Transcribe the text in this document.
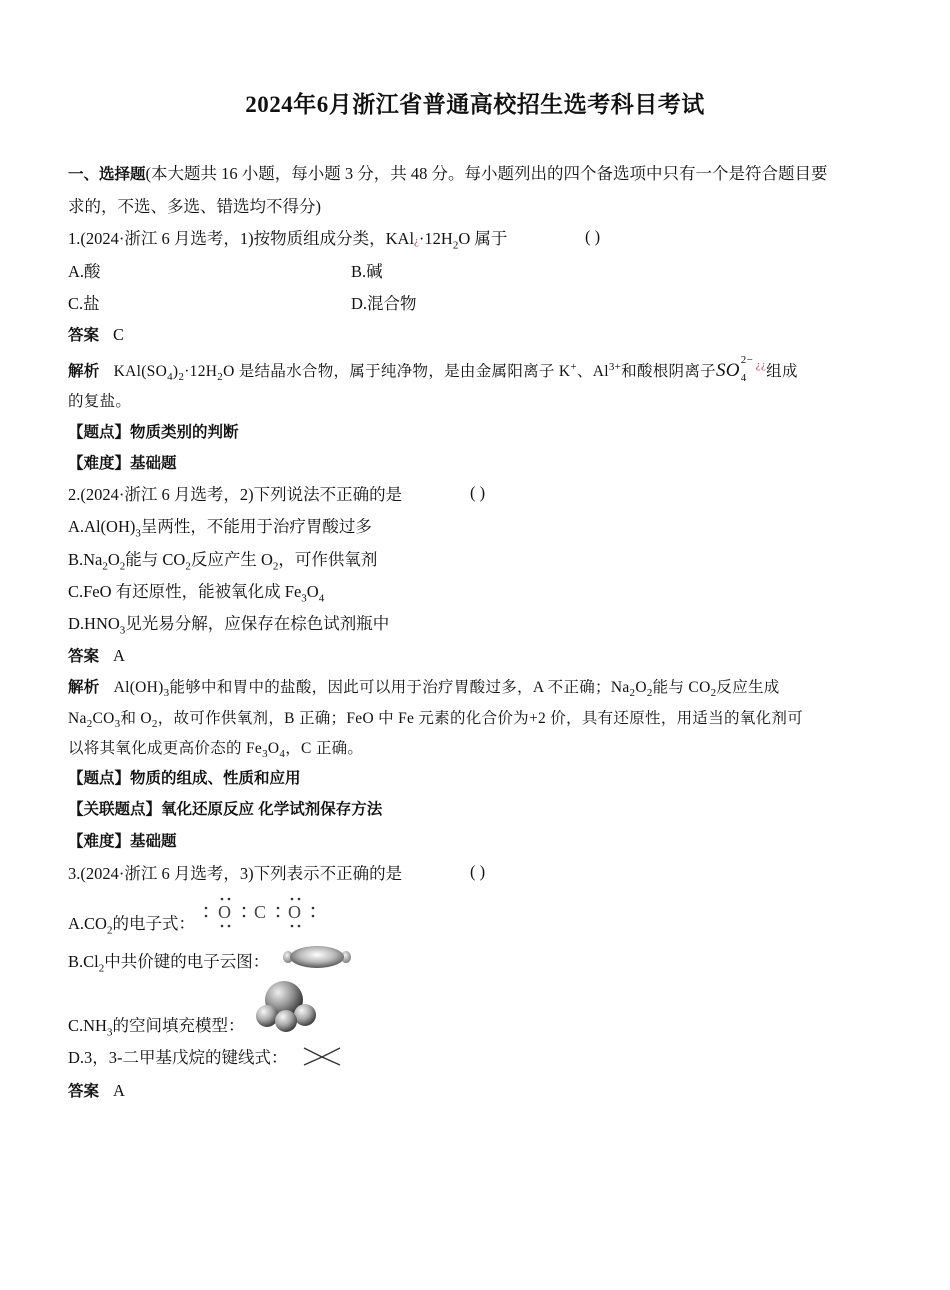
2024年6月浙江省普通高校招生选考科目考试
一、选择题(本大题共 16 小题，每小题 3 分，共 48 分。每小题列出的四个备选项中只有一个是符合题目要
求的，不选、多选、错选均不得分)
1.(2024·浙江 6 月选考，1)按物质组成分类，$KAl¿\cdot 12H_2O$ 属于	( )
A.酸	B.碱
C.盐	D.混合物
答案 C
解析 $KAl(SO_4)_2\cdot 12H_2O$ 是结晶水合物，属于纯净物，是由金属阳离子 K+、$Al^{3+}$和酸根阴离子SO 2−
4
¿¿组成
的复盐。
【题点】物质类别的判断
【难度】基础题
2.(2024·浙江 6 月选考，2)下列说法不正确的是	( )
$A.Al(OH)_3$呈两性，不能用于治疗胃酸过多
$B.Na_2O_2$能与 $CO_2$反应产生 $O_2$，可作供氧剂
C.FeO 有还原性，能被氧化成 $Fe_3O_4$
$D.HNO_3$见光易分解，应保存在棕色试剂瓶中
答案 A
解析 $Al(OH)_3$能够中和胃中的盐酸，因此可以用于治疗胃酸过多，A 不正确；$Na_2O_2$能与 $CO_2$反应生成
$Na_2CO_3$和 $O_2$，故可作供氧剂，B 正确；FeO 中 Fe 元素的化合价为+2 价，具有还原性，用适当的氧化剂可
以将其氧化成更高价态的 $Fe_3O_4$，C 正确。
【题点】物质的组成、性质和应用
【关联题点】氧化还原反应 化学试剂保存方法
【难度】基础题
3.(2024·浙江 6 月选考，3)下列表示不正确的是	( )
$A.CO_2$的电子式：
O C O
$B.Cl_2$中共价键的电子云图：
$C.NH_3$的空间填充模型：
D.3，3-二甲基戊烷的键线式：
答案 A
